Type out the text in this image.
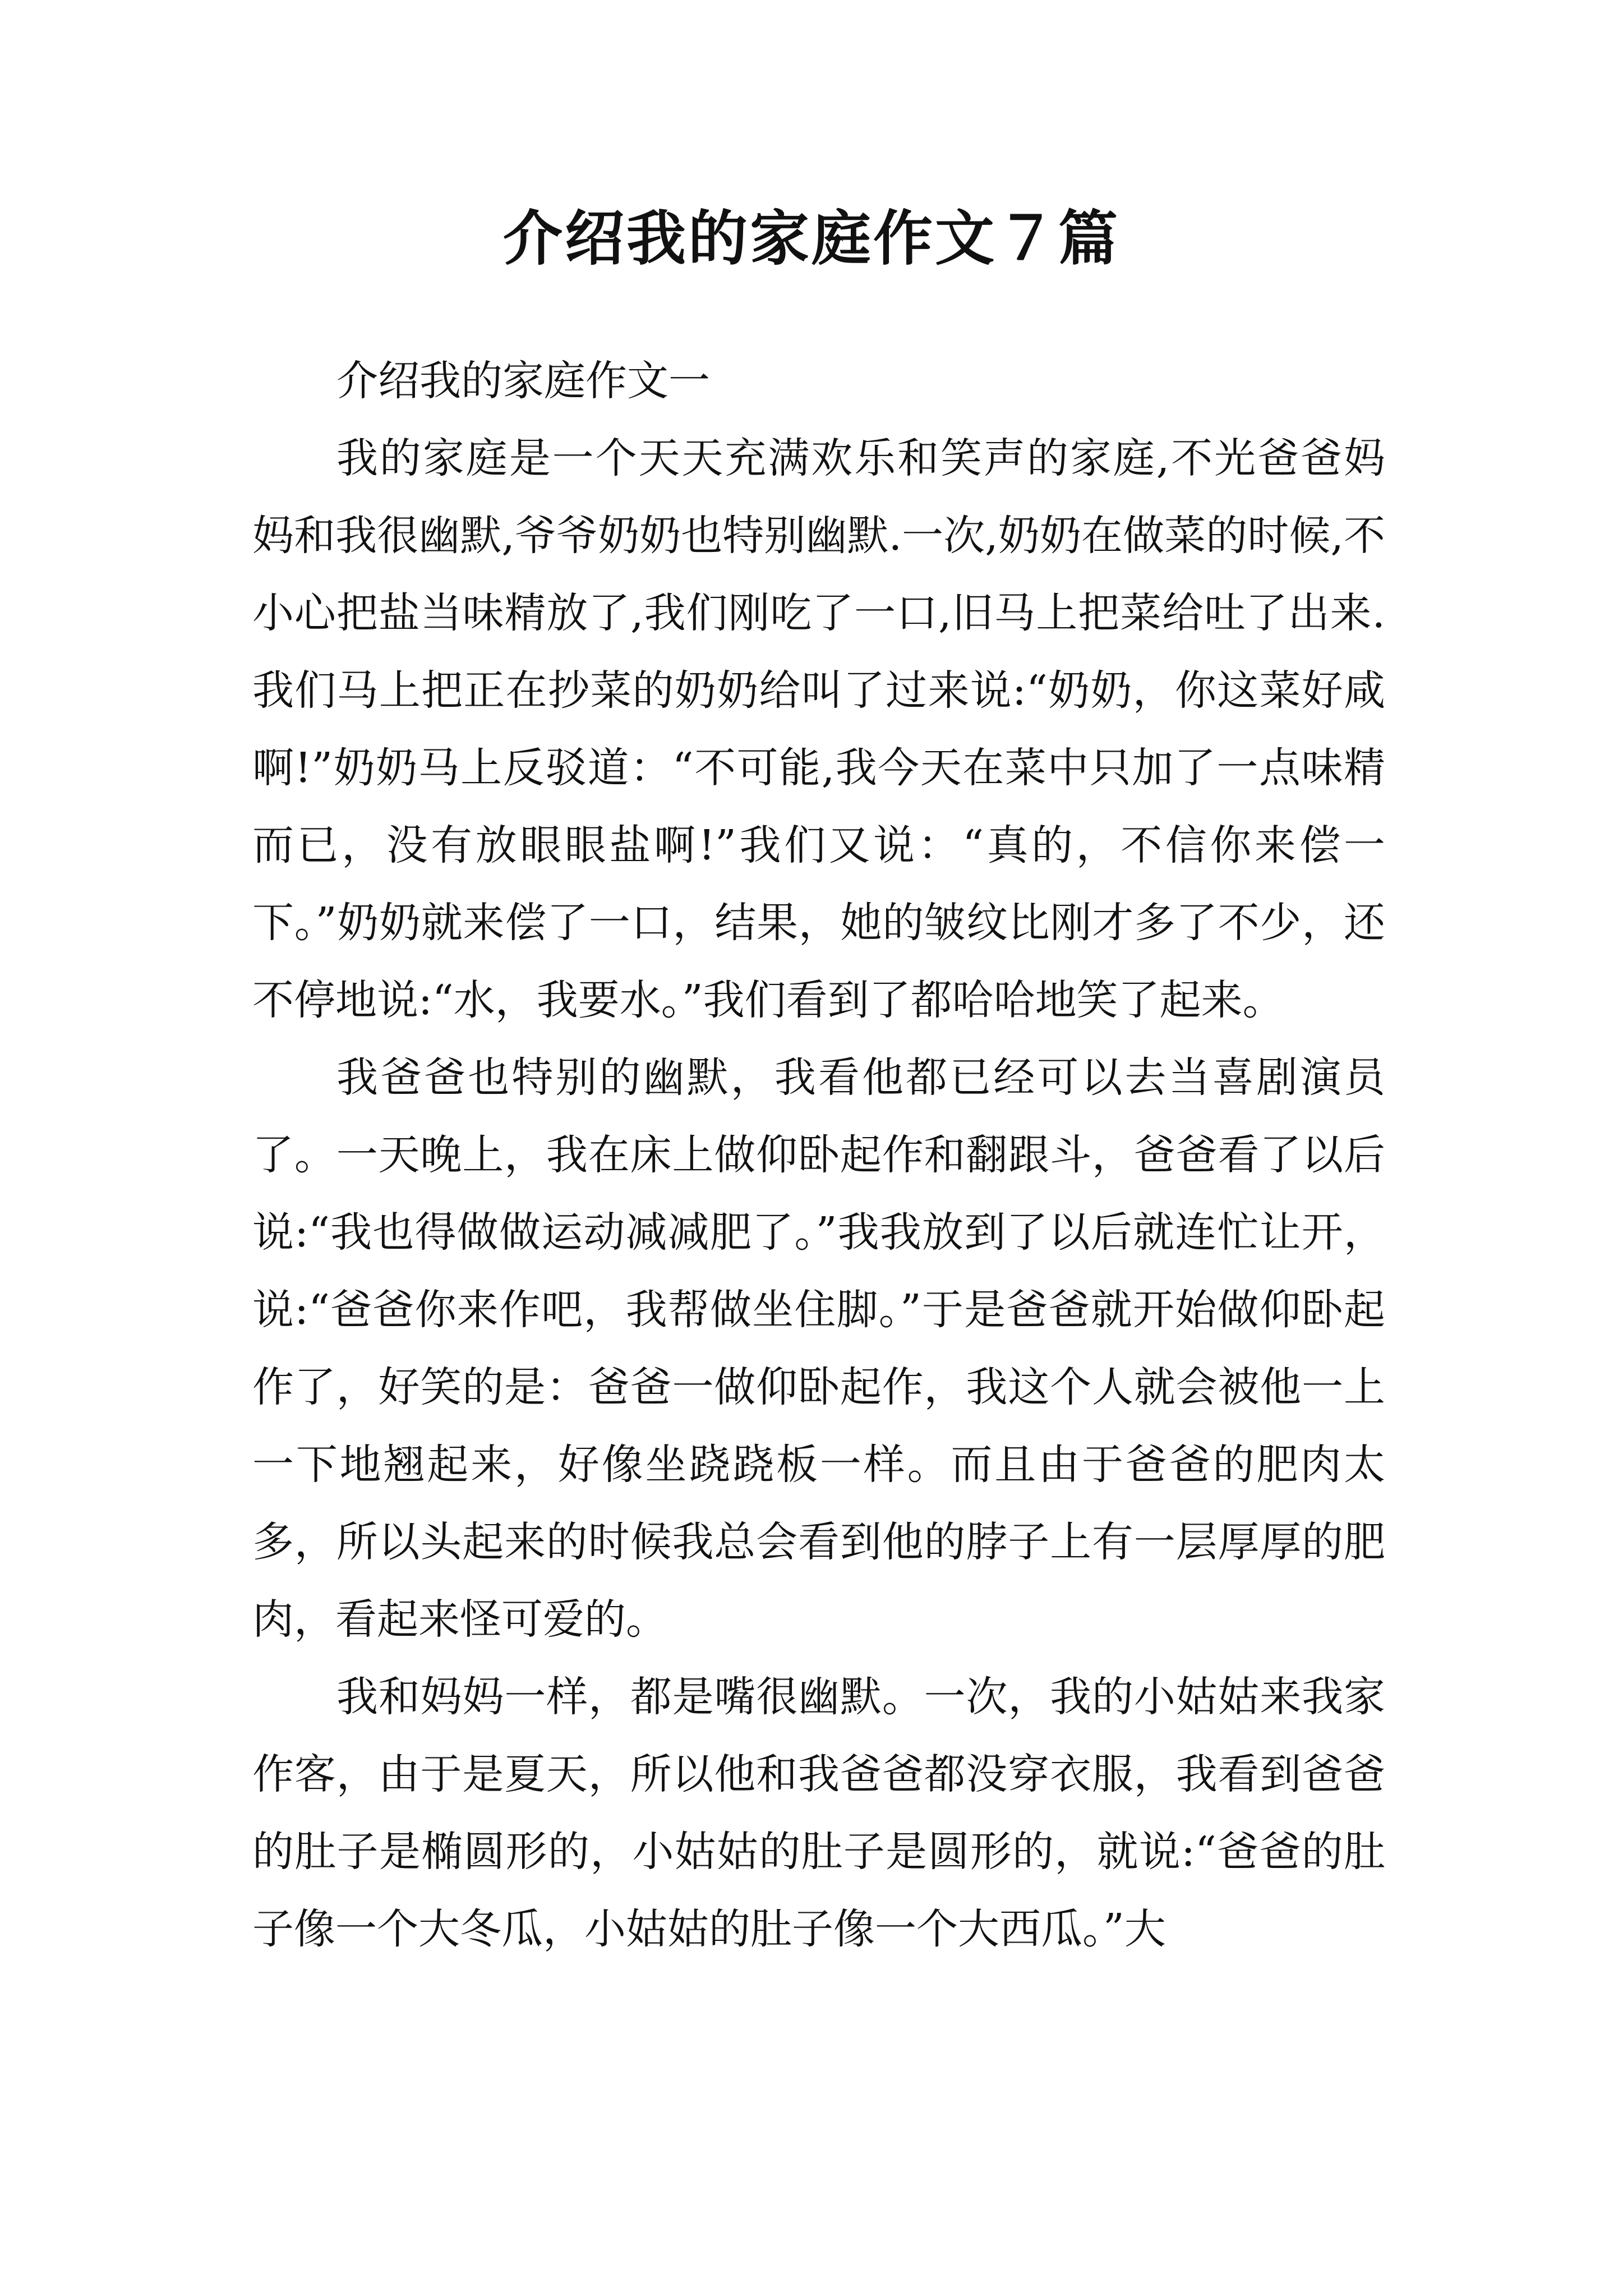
介绍我的家庭作文７篇

介绍我的家庭作文一

我的家庭是一个天天充满欢乐和笑声的家庭,不光爸爸妈妈和我很幽默,爷爷奶奶也特别幽默.一次,奶奶在做菜的时候,不小心把盐当味精放了,我们刚吃了一口,旧马上把菜给吐了出来.我们马上把正在抄菜的奶奶给叫了过来说:“奶奶，你这菜好咸啊!”奶奶马上反驳道：“不可能,我今天在菜中只加了一点味精而已，没有放眼眼盐啊!”我们又说：“真的，不信你来偿一下。”奶奶就来偿了一口，结果，她的皱纹比刚才多了不少，还不停地说:“水，我要水。”我们看到了都哈哈地笑了起来。

我爸爸也特别的幽默，我看他都已经可以去当喜剧演员了。一天晚上，我在床上做仰卧起作和翻跟斗，爸爸看了以后说:“我也得做做运动减减肥了。”我我放到了以后就连忙让开，说:“爸爸你来作吧，我帮做坐住脚。”于是爸爸就开始做仰卧起作了，好笑的是：爸爸一做仰卧起作，我这个人就会被他一上一下地翘起来，好像坐跷跷板一样。而且由于爸爸的肥肉太多，所以头起来的时候我总会看到他的脖子上有一层厚厚的肥肉，看起来怪可爱的。

我和妈妈一样，都是嘴很幽默。一次，我的小姑姑来我家作客，由于是夏天，所以他和我爸爸都没穿衣服，我看到爸爸的肚子是椭圆形的，小姑姑的肚子是圆形的，就说:“爸爸的肚子像一个大冬瓜，小姑姑的肚子像一个大西瓜。”大
